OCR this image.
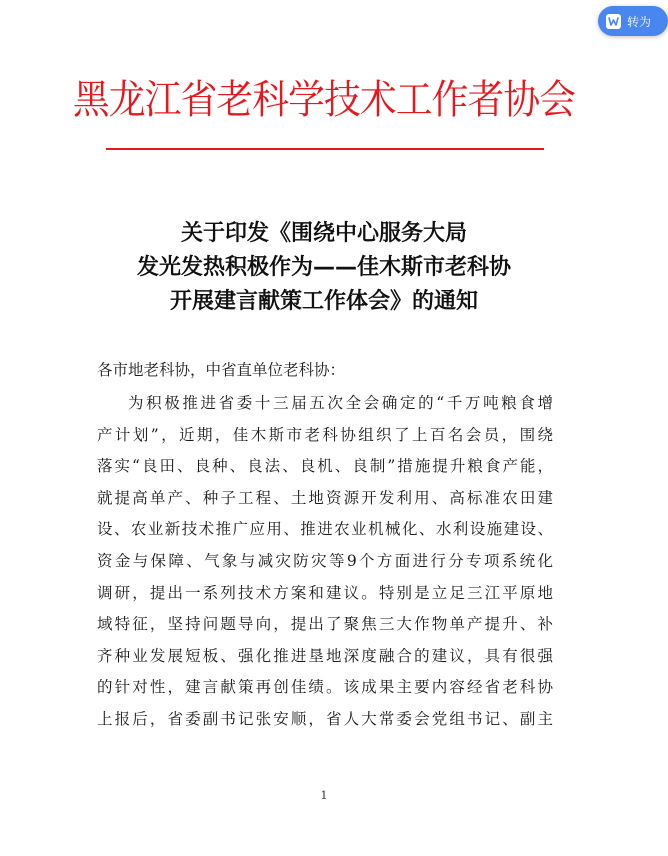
黑龙江省老科学技术工作者协会
关于印发《围绕中心服务大局
发光发热积极作为——佳木斯市老科协
开展建言献策工作体会》的通知
各市地老科协，中省直单位老科协：
为积极推进省委十三届五次全会确定的“千万吨粮食增
产计划”，近期，佳木斯市老科协组织了上百名会员，围绕
落实“良田、良种、良法、良机、良制”措施提升粮食产能，
就提高单产、种子工程、土地资源开发利用、高标准农田建
设、农业新技术推广应用、推进农业机械化、水利设施建设、
资金与保障、气象与减灾防灾等9个方面进行分专项系统化
调研，提出一系列技术方案和建议。特别是立足三江平原地
域特征，坚持问题导向，提出了聚焦三大作物单产提升、补
齐种业发展短板、强化推进垦地深度融合的建议，具有很强
的针对性，建言献策再创佳绩。该成果主要内容经省老科协
上报后，省委副书记张安顺，省人大常委会党组书记、副主
1
转为
